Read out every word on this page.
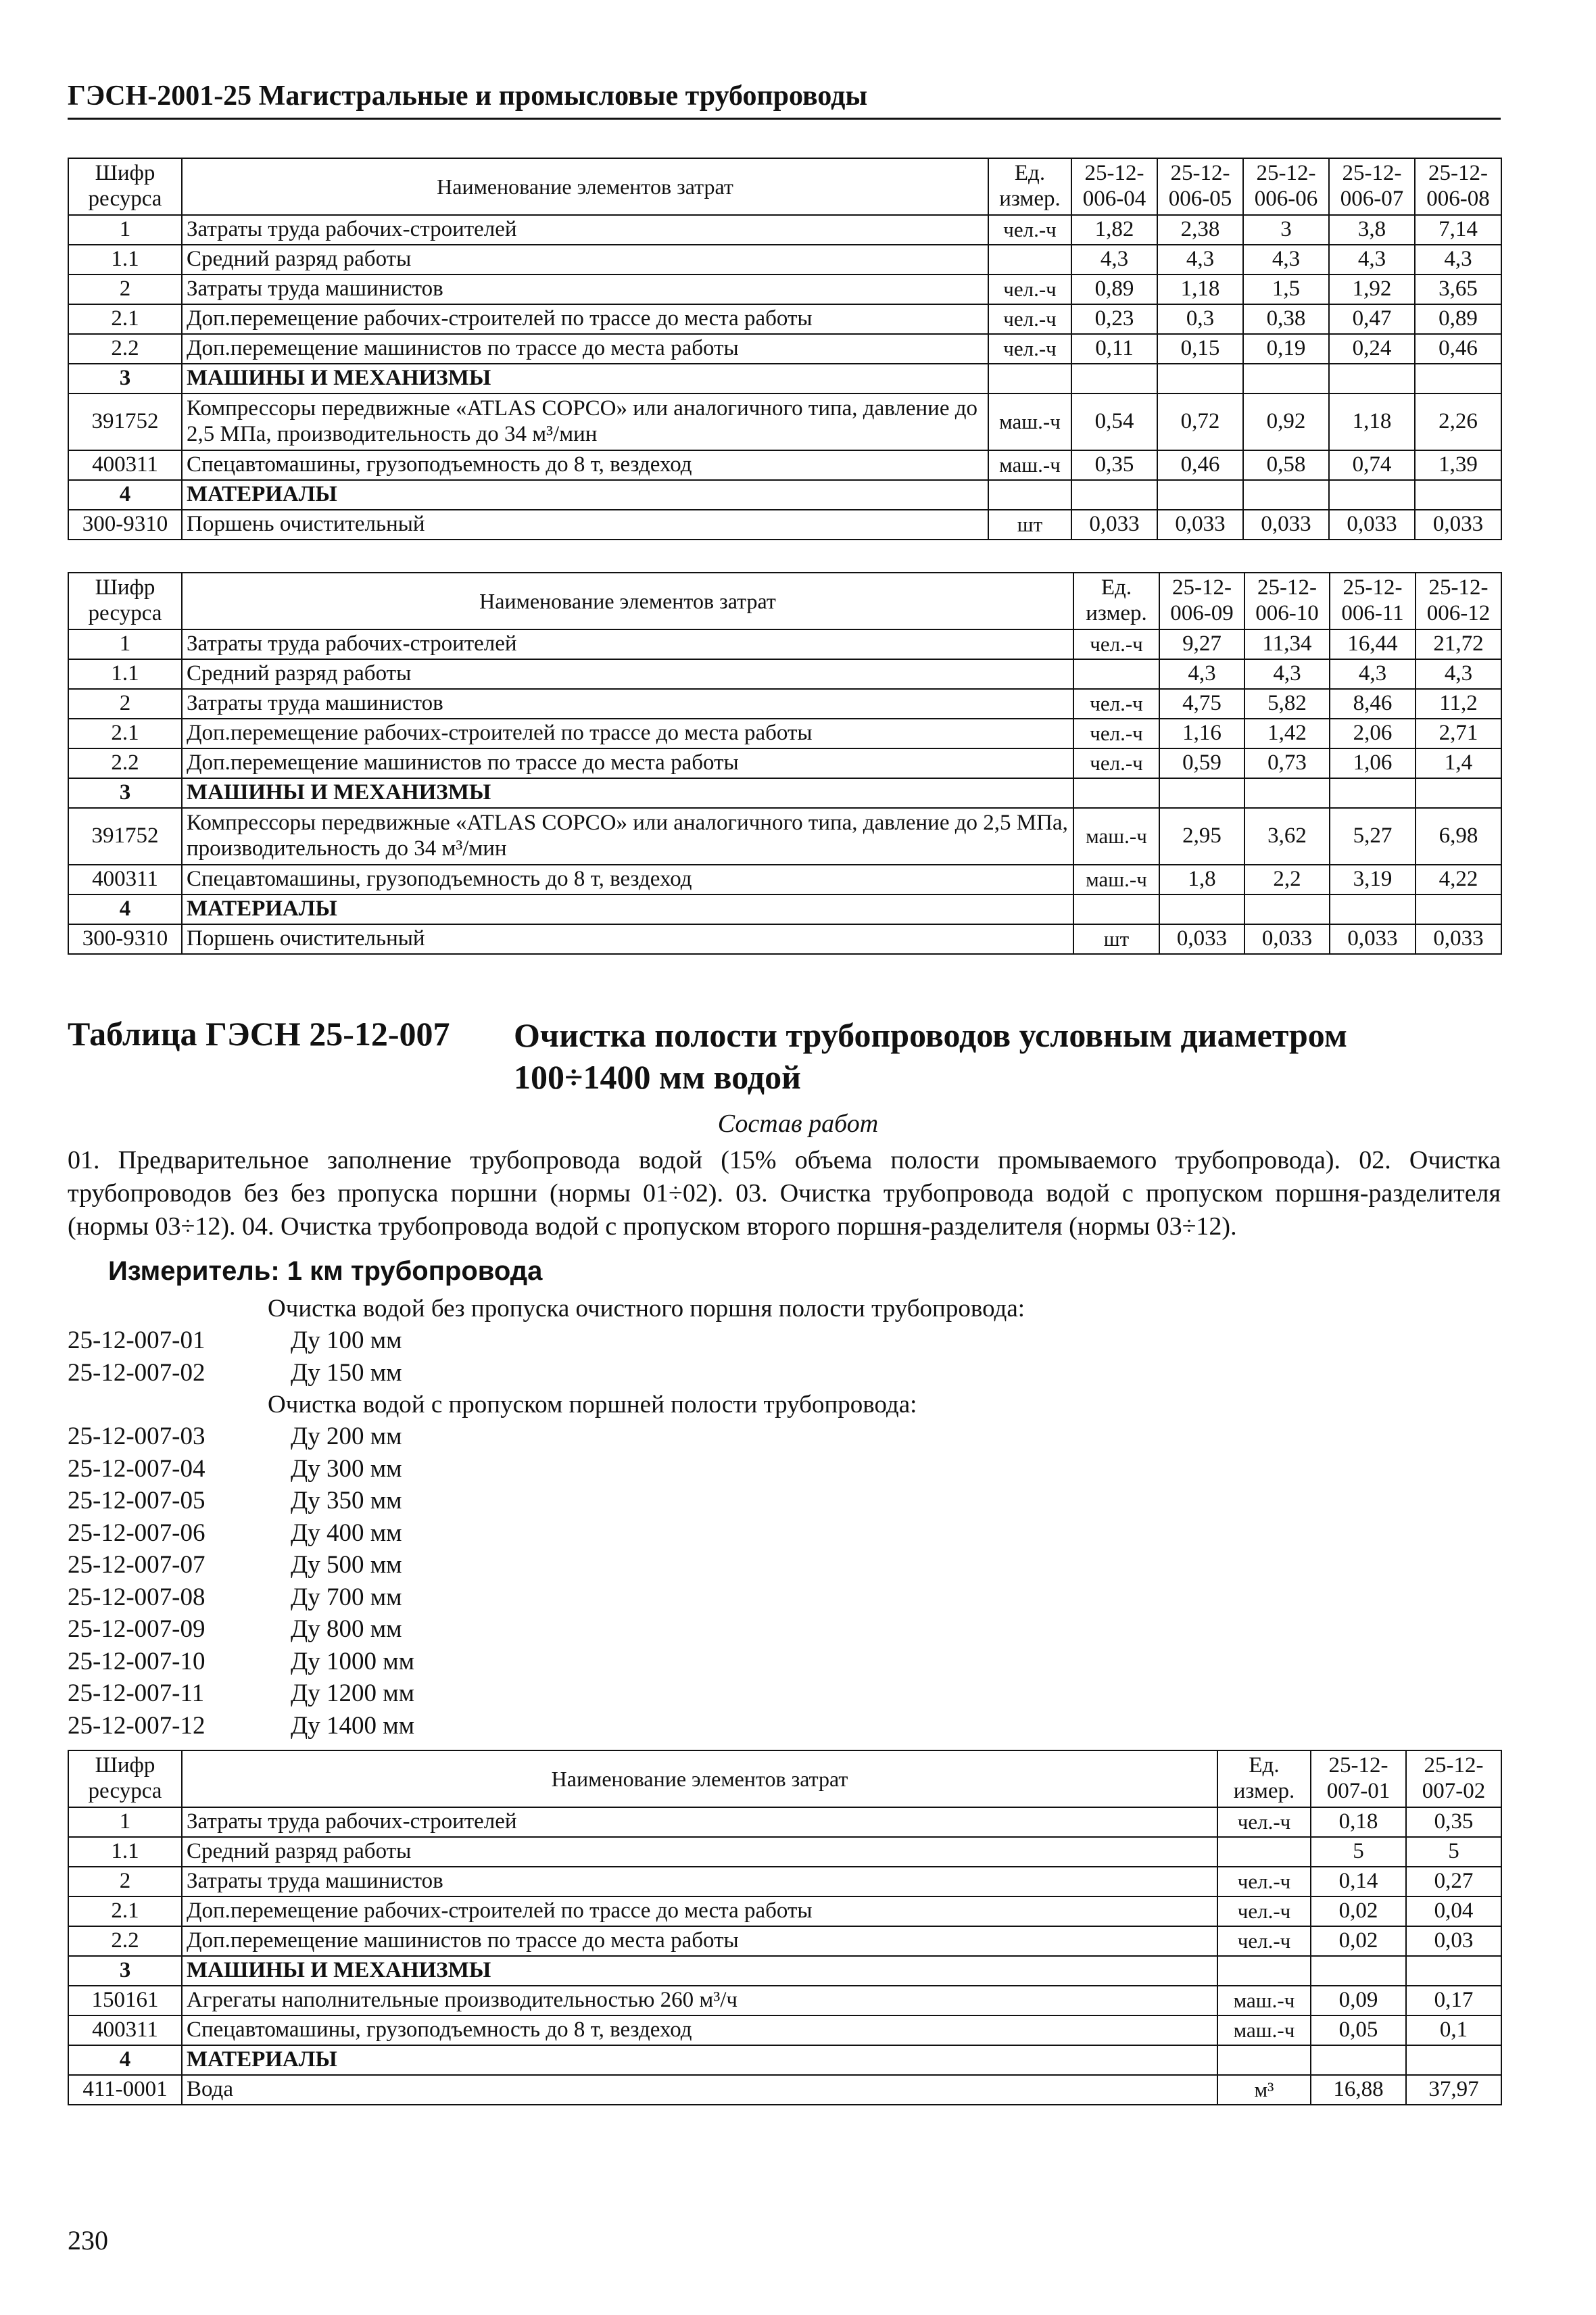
ГЭСН-2001-25 Магистральные и промысловые трубопроводы
Шифр ресурса	Наименование элементов затрат	Ед. измер.	25-12-006-04	25-12-006-05	25-12-006-06	25-12-006-07	25-12-006-08
1	Затраты труда рабочих-строителей	чел.-ч	1,82	2,38	3	3,8	7,14
1.1	Средний разряд работы		4,3	4,3	4,3	4,3	4,3
2	Затраты труда машинистов	чел.-ч	0,89	1,18	1,5	1,92	3,65
2.1	Доп.перемещение рабочих-строителей по трассе до места работы	чел.-ч	0,23	0,3	0,38	0,47	0,89
2.2	Доп.перемещение машинистов по трассе до места работы	чел.-ч	0,11	0,15	0,19	0,24	0,46
3	МАШИНЫ И МЕХАНИЗМЫ						
391752	Компрессоры передвижные «ATLAS COPCO» или аналогичного типа, давление до 2,5 МПа, производительность до 34 м³/мин	маш.-ч	0,54	0,72	0,92	1,18	2,26
400311	Спецавтомашины, грузоподъемность до 8 т, вездеход	маш.-ч	0,35	0,46	0,58	0,74	1,39
4	МАТЕРИАЛЫ						
300-9310	Поршень очистительный	шт	0,033	0,033	0,033	0,033	0,033
Шифр ресурса	Наименование элементов затрат	Ед. измер.	25-12-006-09	25-12-006-10	25-12-006-11	25-12-006-12
1	Затраты труда рабочих-строителей	чел.-ч	9,27	11,34	16,44	21,72
1.1	Средний разряд работы		4,3	4,3	4,3	4,3
2	Затраты труда машинистов	чел.-ч	4,75	5,82	8,46	11,2
2.1	Доп.перемещение рабочих-строителей по трассе до места работы	чел.-ч	1,16	1,42	2,06	2,71
2.2	Доп.перемещение машинистов по трассе до места работы	чел.-ч	0,59	0,73	1,06	1,4
3	МАШИНЫ И МЕХАНИЗМЫ					
391752	Компрессоры передвижные «ATLAS COPCO» или аналогичного типа, давление до 2,5 МПа, производительность до 34 м³/мин	маш.-ч	2,95	3,62	5,27	6,98
400311	Спецавтомашины, грузоподъемность до 8 т, вездеход	маш.-ч	1,8	2,2	3,19	4,22
4	МАТЕРИАЛЫ					
300-9310	Поршень очистительный	шт	0,033	0,033	0,033	0,033
Таблица ГЭСН 25-12-007 Очистка полости трубопроводов условным диаметром 100÷1400 мм водой
Состав работ
01. Предварительное заполнение трубопровода водой (15% объема полости промываемого трубопровода). 02. Очистка трубопроводов без без пропуска поршни (нормы 01÷02). 03. Очистка трубопровода водой с пропуском поршня-разделителя (нормы 03÷12). 04. Очистка трубопровода водой с пропуском второго поршня-разделителя (нормы 03÷12).
Измеритель: 1 км трубопровода
Очистка водой без пропуска очистного поршня полости трубопровода:
25-12-007-01	Ду 100 мм
25-12-007-02	Ду 150 мм
Очистка водой с пропуском поршней полости трубопровода:
25-12-007-03	Ду 200 мм
25-12-007-04	Ду 300 мм
25-12-007-05	Ду 350 мм
25-12-007-06	Ду 400 мм
25-12-007-07	Ду 500 мм
25-12-007-08	Ду 700 мм
25-12-007-09	Ду 800 мм
25-12-007-10	Ду 1000 мм
25-12-007-11	Ду 1200 мм
25-12-007-12	Ду 1400 мм
Шифр ресурса	Наименование элементов затрат	Ед. измер.	25-12-007-01	25-12-007-02
1	Затраты труда рабочих-строителей	чел.-ч	0,18	0,35
1.1	Средний разряд работы		5	5
2	Затраты труда машинистов	чел.-ч	0,14	0,27
2.1	Доп.перемещение рабочих-строителей по трассе до места работы	чел.-ч	0,02	0,04
2.2	Доп.перемещение машинистов по трассе до места работы	чел.-ч	0,02	0,03
3	МАШИНЫ И МЕХАНИЗМЫ			
150161	Агрегаты наполнительные производительностью 260 м³/ч	маш.-ч	0,09	0,17
400311	Спецавтомашины, грузоподъемность до 8 т, вездеход	маш.-ч	0,05	0,1
4	МАТЕРИАЛЫ			
411-0001	Вода	м³	16,88	37,97
230
